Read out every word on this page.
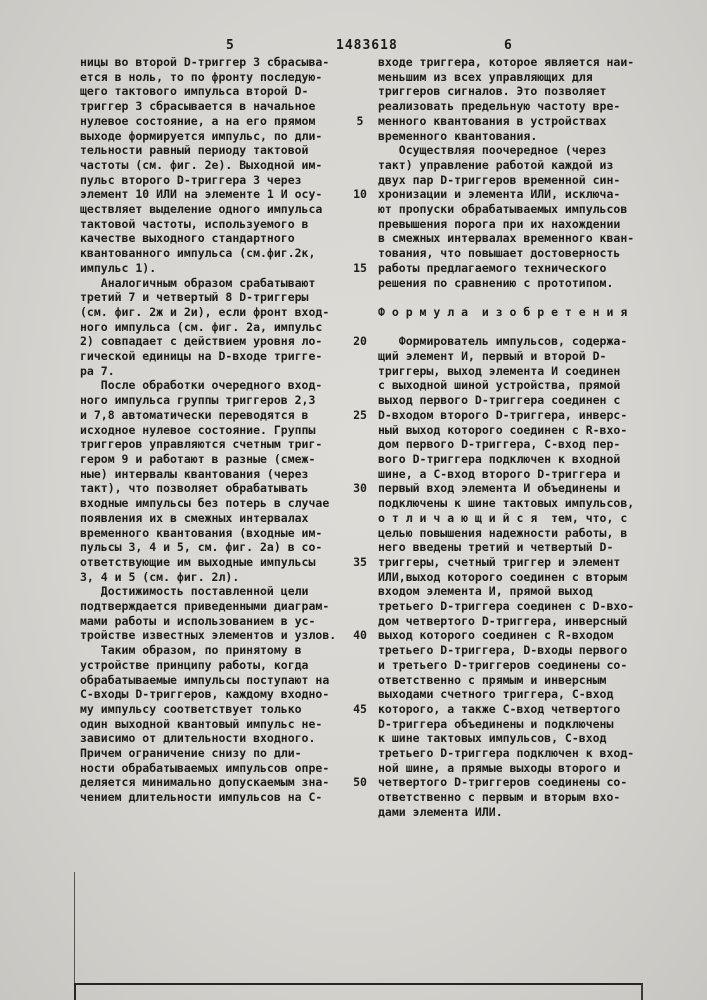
5	1483618	6
ницы во второй D-триггер 3 сбрасыва-
ется в ноль, то по фронту последую-
щего тактового импульса второй D-
триггер 3 сбрасывается в начальное
нулевое состояние, а на его прямом
выходе формируется импульс, по дли-
тельности равный периоду тактовой
частоты (см. фиг. 2е). Выходной им-
пульс второго D-триггера 3 через
элемент 10 ИЛИ на элементе 1 И осу-
ществляет выделение одного импульса
тактовой частоты, используемого в
качестве выходного стандартного
квантованного импульса (см.фиг.2к,
импульс 1).
Аналогичным образом срабатывают
третий 7 и четвертый 8 D-триггеры
(см. фиг. 2ж и 2и), если фронт вход-
ного импульса (см. фиг. 2а, импульс
2) совпадает с действием уровня ло-
гической единицы на D-входе тригге-
ра 7.
После обработки очередного вход-
ного импульса группы триггеров 2,3
и 7,8 автоматически переводятся в
исходное нулевое состояние. Группы
триггеров управляются счетным триг-
гером 9 и работают в разные (смеж-
ные) интервалы квантования (через
такт), что позволяет обрабатывать
входные импульсы без потерь в случае
появления их в смежных интервалах
временного квантования (входные им-
пульсы 3, 4 и 5, см. фиг. 2а) в со-
ответствующие им выходные импульсы
3, 4 и 5 (см. фиг. 2л).
Достижимость поставленной цели
подтверждается приведенными диаграм-
мами работы и использованием в ус-
тройстве известных элементов и узлов.
Таким образом, по принятому в
устройстве принципу работы, когда
обрабатываемые импульсы поступают на
С-входы D-триггеров, каждому входно-
му импульсу соответствует только
один выходной квантовый импульс не-
зависимо от длительности входного.
Причем ограничение снизу по дли-
ности обрабатываемых импульсов опре-
деляется минимально допускаемым зна-
чением длительности импульсов на С-
5
10
15
20
25
30
35
40
45
50
входе триггера, которое является наи-
меньшим из всех управляющих для
триггеров сигналов. Это позволяет
реализовать предельную частоту вре-
менного квантования в устройствах
временного квантования.
Осуществляя поочередное (через
такт) управление работой каждой из
двух пар D-триггеров временной син-
хронизации и элемента ИЛИ, исключа-
ют пропуски обрабатываемых импульсов
превышения порога при их нахождении
в смежных интервалах временного кван-
тования, что повышает достоверность
работы предлагаемого технического
решения по сравнению с прототипом.

Ф о р м у л а  и з о б р е т е н и я

Формирователь импульсов, содержа-
щий элемент И, первый и второй D-
триггеры, выход элемента И соединен
с выходной шиной устройства, прямой
выход первого D-триггера соединен с
D-входом второго D-триггера, инверс-
ный выход которого соединен с R-вхо-
дом первого D-триггера, С-вход пер-
вого D-триггера подключен к входной
шине, а С-вход второго D-триггера и
первый вход элемента И объединены и
подключены к шине тактовых импульсов,
о т л и ч а ю щ и й с я  тем, что, с
целью повышения надежности работы, в
него введены третий и четвертый D-
триггеры, счетный триггер и элемент
ИЛИ,выход которого соединен с вторым
входом элемента И, прямой выход
третьего D-триггера соединен с D-вхо-
дом четвертого D-триггера, инверсный
выход которого соединен с R-входом
третьего D-триггера, D-входы первого
и третьего D-триггеров соединены со-
ответственно с прямым и инверсным
выходами счетного триггера, С-вход
которого, а также С-вход четвертого
D-триггера объединены и подключены
к шине тактовых импульсов, С-вход
третьего D-триггера подключен к вход-
ной шине, а прямые выходы второго и
четвертого D-триггеров соединены со-
ответственно с первым и вторым вхо-
дами элемента ИЛИ.
